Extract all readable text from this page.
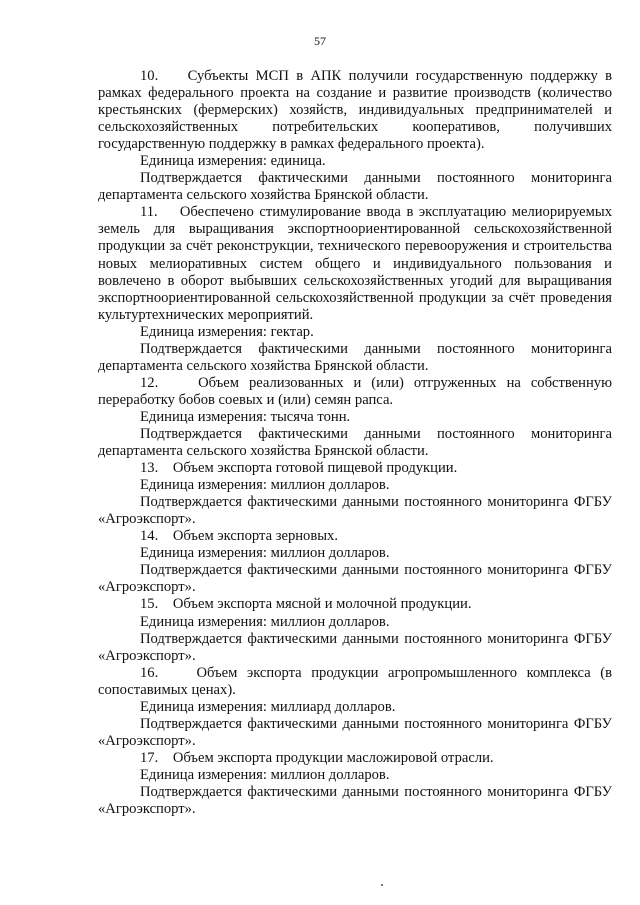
57

10.    Субъекты МСП в АПК получили государственную поддержку в рамках федерального проекта на создание и развитие производств (количество крестьянских (фермерских) хозяйств, индивидуальных предпринимателей и сельскохозяйственных потребительских кооперативов, получивших государственную поддержку в рамках федерального проекта).

Единица измерения: единица.

Подтверждается фактическими данными постоянного мониторинга департамента сельского хозяйства Брянской области.

11.    Обеспечено стимулирование ввода в эксплуатацию мелиорируемых земель для выращивания экспортноориентированной сельскохозяйственной продукции за счёт реконструкции, технического перевооружения и строительства новых мелиоративных систем общего и индивидуального пользования и вовлечено в оборот выбывших сельскохозяйственных угодий для выращивания экспортноориентированной сельскохозяйственной продукции за счёт проведения культуртехнических мероприятий.

Единица измерения: гектар.

Подтверждается фактическими данными постоянного мониторинга департамента сельского хозяйства Брянской области.

12.    Объем реализованных и (или) отгруженных на собственную переработку бобов соевых и (или) семян рапса.

Единица измерения: тысяча тонн.

Подтверждается фактическими данными постоянного мониторинга департамента сельского хозяйства Брянской области.

13.    Объем экспорта готовой пищевой продукции.

Единица измерения: миллион долларов.

Подтверждается фактическими данными постоянного мониторинга ФГБУ «Агроэкспорт».

14.    Объем экспорта зерновых.

Единица измерения: миллион долларов.

Подтверждается фактическими данными постоянного мониторинга ФГБУ «Агроэкспорт».

15.    Объем экспорта мясной и молочной продукции.

Единица измерения: миллион долларов.

Подтверждается фактическими данными постоянного мониторинга ФГБУ «Агроэкспорт».

16.    Объем экспорта продукции агропромышленного комплекса (в сопоставимых ценах).

Единица измерения: миллиард долларов.

Подтверждается фактическими данными постоянного мониторинга ФГБУ «Агроэкспорт».

17.    Объем экспорта продукции масложировой отрасли.

Единица измерения: миллион долларов.

Подтверждается фактическими данными постоянного мониторинга ФГБУ «Агроэкспорт».
